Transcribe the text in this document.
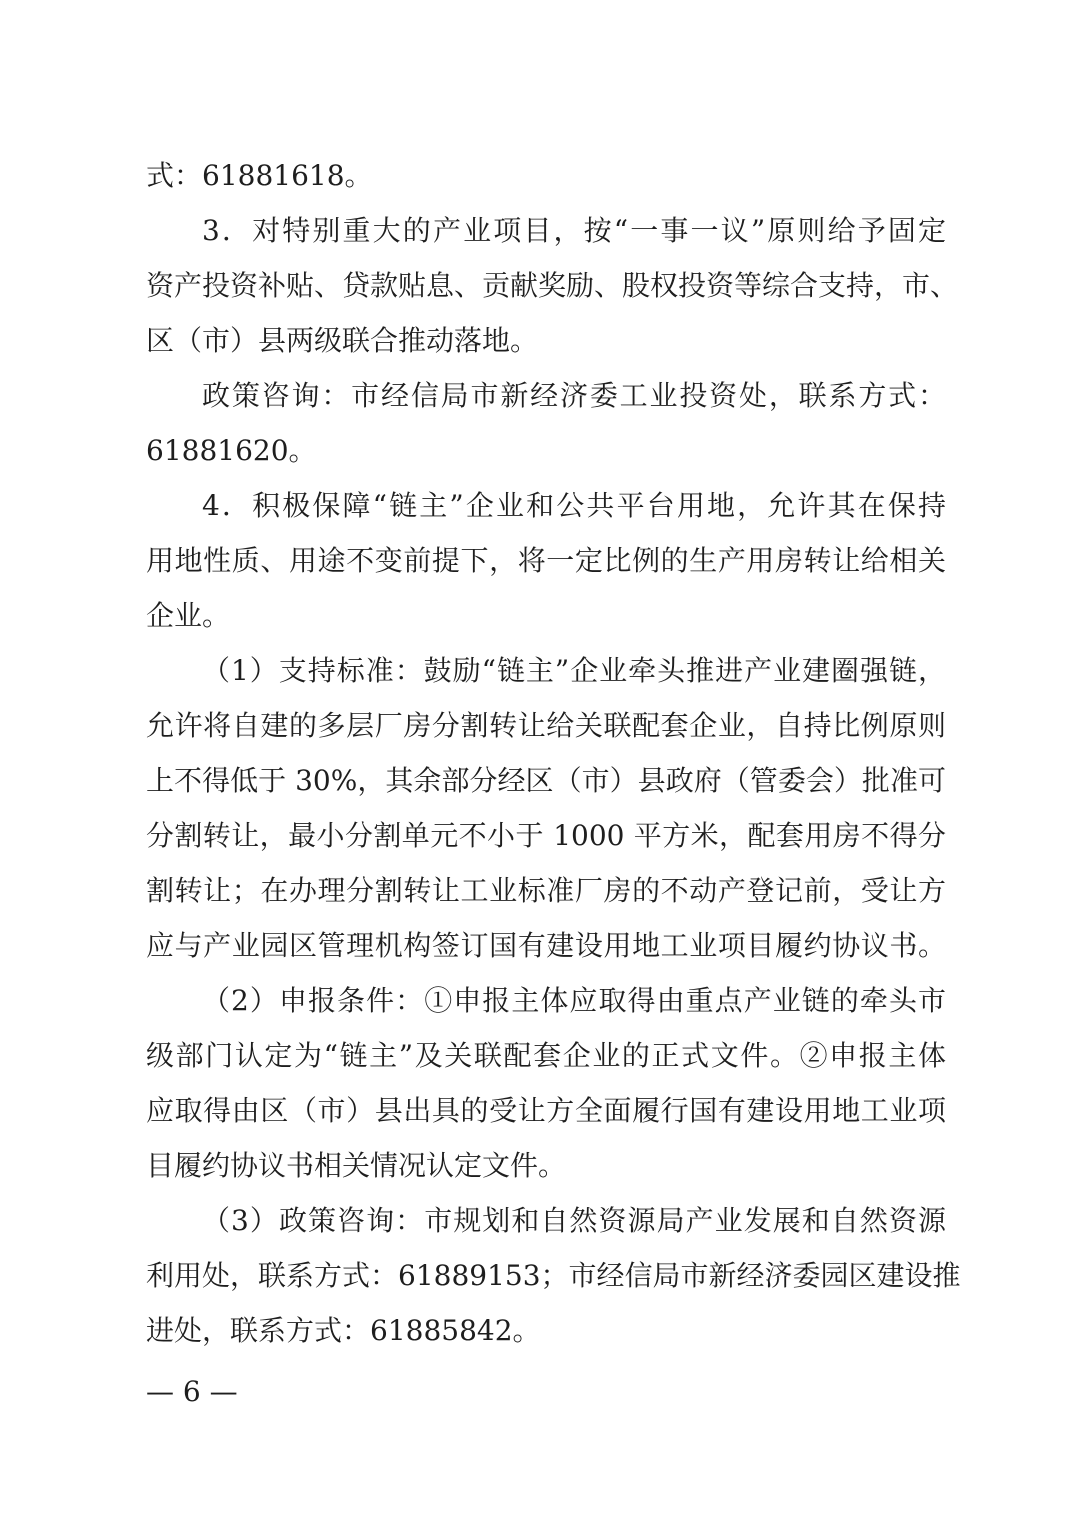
式：61881618。
3．对特别重大的产业项目，按“一事一议”原则给予固定
资产投资补贴、贷款贴息、贡献奖励、股权投资等综合支持，市、
区（市）县两级联合推动落地。
政策咨询：市经信局市新经济委工业投资处，联系方式：
61881620。
4．积极保障“链主”企业和公共平台用地，允许其在保持
用地性质、用途不变前提下，将一定比例的生产用房转让给相关
企业。
（1）支持标准：鼓励“链主”企业牵头推进产业建圈强链，
允许将自建的多层厂房分割转让给关联配套企业，自持比例原则
上不得低于 30%，其余部分经区（市）县政府（管委会）批准可
分割转让，最小分割单元不小于 1000 平方米，配套用房不得分
割转让；在办理分割转让工业标准厂房的不动产登记前，受让方
应与产业园区管理机构签订国有建设用地工业项目履约协议书。
（2）申报条件：①申报主体应取得由重点产业链的牵头市
级部门认定为“链主”及关联配套企业的正式文件。②申报主体
应取得由区（市）县出具的受让方全面履行国有建设用地工业项
目履约协议书相关情况认定文件。
（3）政策咨询：市规划和自然资源局产业发展和自然资源
利用处，联系方式：61889153；市经信局市新经济委园区建设推
进处，联系方式：61885842。
— 6 —
